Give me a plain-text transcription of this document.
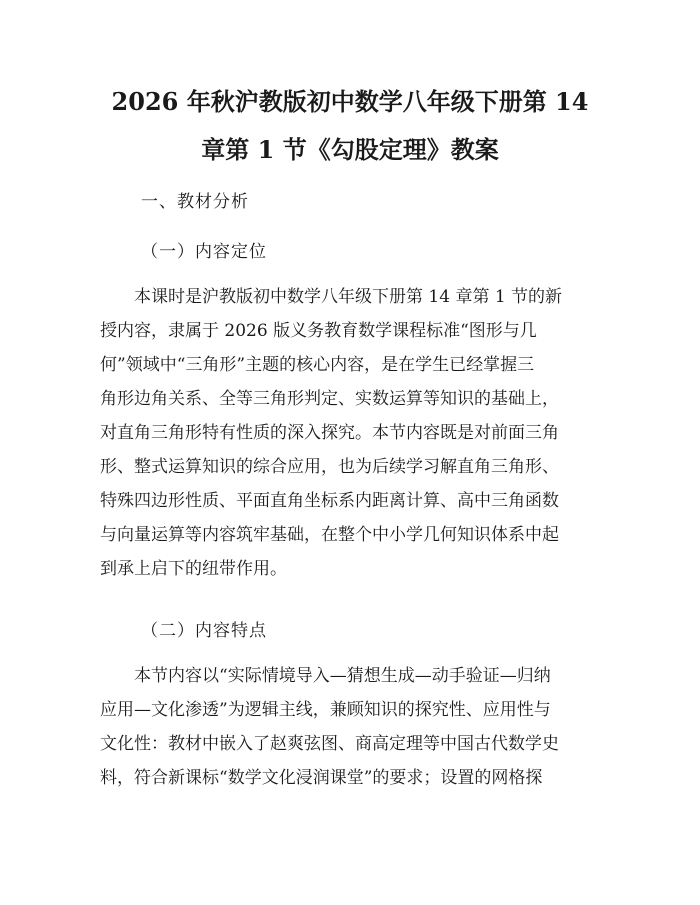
2026 年秋沪教版初中数学八年级下册第 14
章第 1 节《勾股定理》教案

一、教材分析

（一）内容定位

本课时是沪教版初中数学八年级下册第 14 章第 1 节的新
授内容，隶属于 2026 版义务教育数学课程标准“图形与几
何”领域中“三角形”主题的核心内容，是在学生已经掌握三
角形边角关系、全等三角形判定、实数运算等知识的基础上，
对直角三角形特有性质的深入探究。本节内容既是对前面三角
形、整式运算知识的综合应用，也为后续学习解直角三角形、
特殊四边形性质、平面直角坐标系内距离计算、高中三角函数
与向量运算等内容筑牢基础，在整个中小学几何知识体系中起
到承上启下的纽带作用。

（二）内容特点

本节内容以“实际情境导入—猜想生成—动手验证—归纳
应用—文化渗透”为逻辑主线，兼顾知识的探究性、应用性与
文化性：教材中嵌入了赵爽弦图、商高定理等中国古代数学史
料，符合新课标“数学文化浸润课堂”的要求；设置的网格探
